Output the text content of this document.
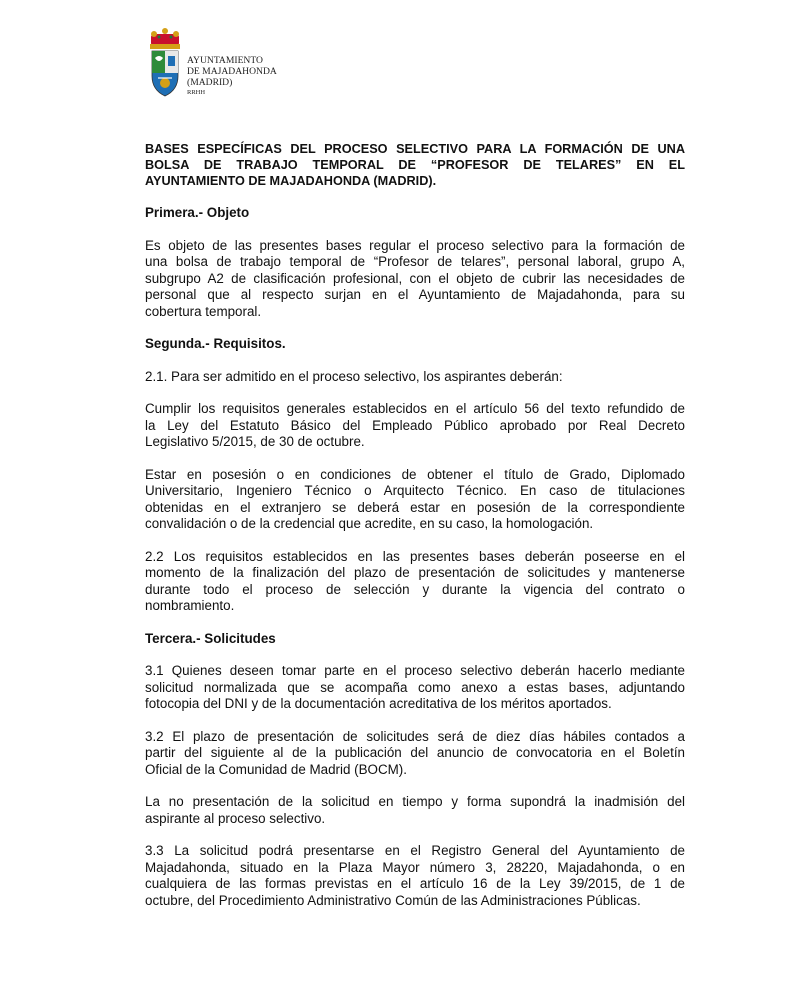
AYUNTAMIENTO
DE MAJADAHONDA
(MADRID)
RRHH
BASES ESPECÍFICAS DEL PROCESO SELECTIVO PARA LA FORMACIÓN DE UNA
BOLSA DE TRABAJO TEMPORAL DE “PROFESOR DE TELARES” EN EL
AYUNTAMIENTO DE MAJADAHONDA (MADRID).
Primera.- Objeto

Es objeto de las presentes bases regular el proceso selectivo para la formación de
una bolsa de trabajo temporal de “Profesor de telares”, personal laboral, grupo A,
subgrupo A2 de clasificación profesional, con el objeto de cubrir las necesidades de
personal que al respecto surjan en el Ayuntamiento de Majadahonda, para su
cobertura temporal.

Segunda.- Requisitos.

2.1. Para ser admitido en el proceso selectivo, los aspirantes deberán:

Cumplir los requisitos generales establecidos en el artículo 56 del texto refundido de
la Ley del Estatuto Básico del Empleado Público aprobado por Real Decreto
Legislativo 5/2015, de 30 de octubre.

Estar en posesión o en condiciones de obtener el título de Grado, Diplomado
Universitario, Ingeniero Técnico o Arquitecto Técnico. En caso de titulaciones
obtenidas en el extranjero se deberá estar en posesión de la correspondiente
convalidación o de la credencial que acredite, en su caso, la homologación.

2.2 Los requisitos establecidos en las presentes bases deberán poseerse en el
momento de la finalización del plazo de presentación de solicitudes y mantenerse
durante todo el proceso de selección y durante la vigencia del contrato o
nombramiento.

Tercera.- Solicitudes

3.1 Quienes deseen tomar parte en el proceso selectivo deberán hacerlo mediante
solicitud normalizada que se acompaña como anexo a estas bases, adjuntando
fotocopia del DNI y de la documentación acreditativa de los méritos aportados.

3.2 El plazo de presentación de solicitudes será de diez días hábiles contados a
partir del siguiente al de la publicación del anuncio de convocatoria en el Boletín
Oficial de la Comunidad de Madrid (BOCM).

La no presentación de la solicitud en tiempo y forma supondrá la inadmisión del
aspirante al proceso selectivo.

3.3 La solicitud podrá presentarse en el Registro General del Ayuntamiento de
Majadahonda, situado en la Plaza Mayor número 3, 28220, Majadahonda, o en
cualquiera de las formas previstas en el artículo 16 de la Ley 39/2015, de 1 de
octubre, del Procedimiento Administrativo Común de las Administraciones Públicas.
